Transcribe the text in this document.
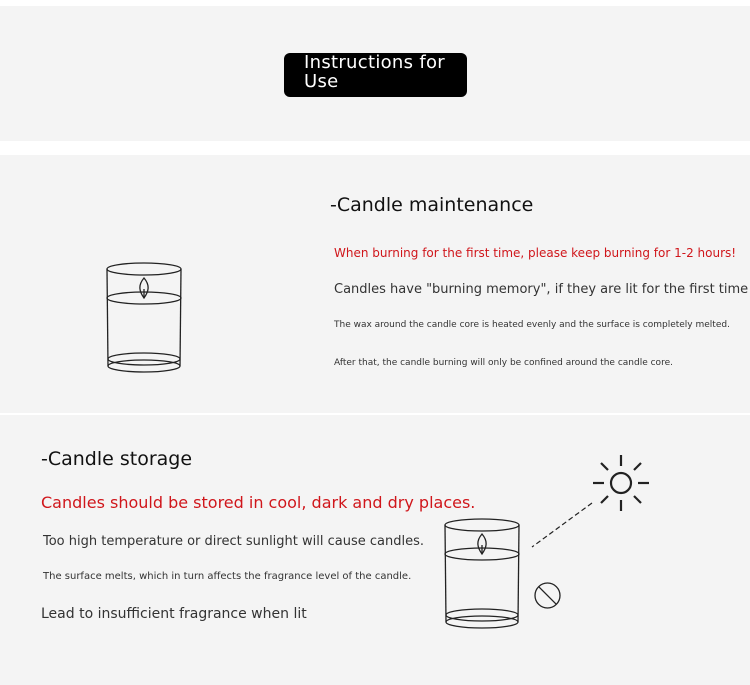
Instructions for
Use
-Candle maintenance
When burning for the first time, please keep burning for 1-2 hours!
Candles have "burning memory", if they are lit for the first time
The wax around the candle core is heated evenly and the surface is completely melted.
After that, the candle burning will only be confined around the candle core.
-Candle storage
Candles should be stored in cool, dark and dry places.
Too high temperature or direct sunlight will cause candles.
The surface melts, which in turn affects the fragrance level of the candle.
Lead to insufficient fragrance when lit
